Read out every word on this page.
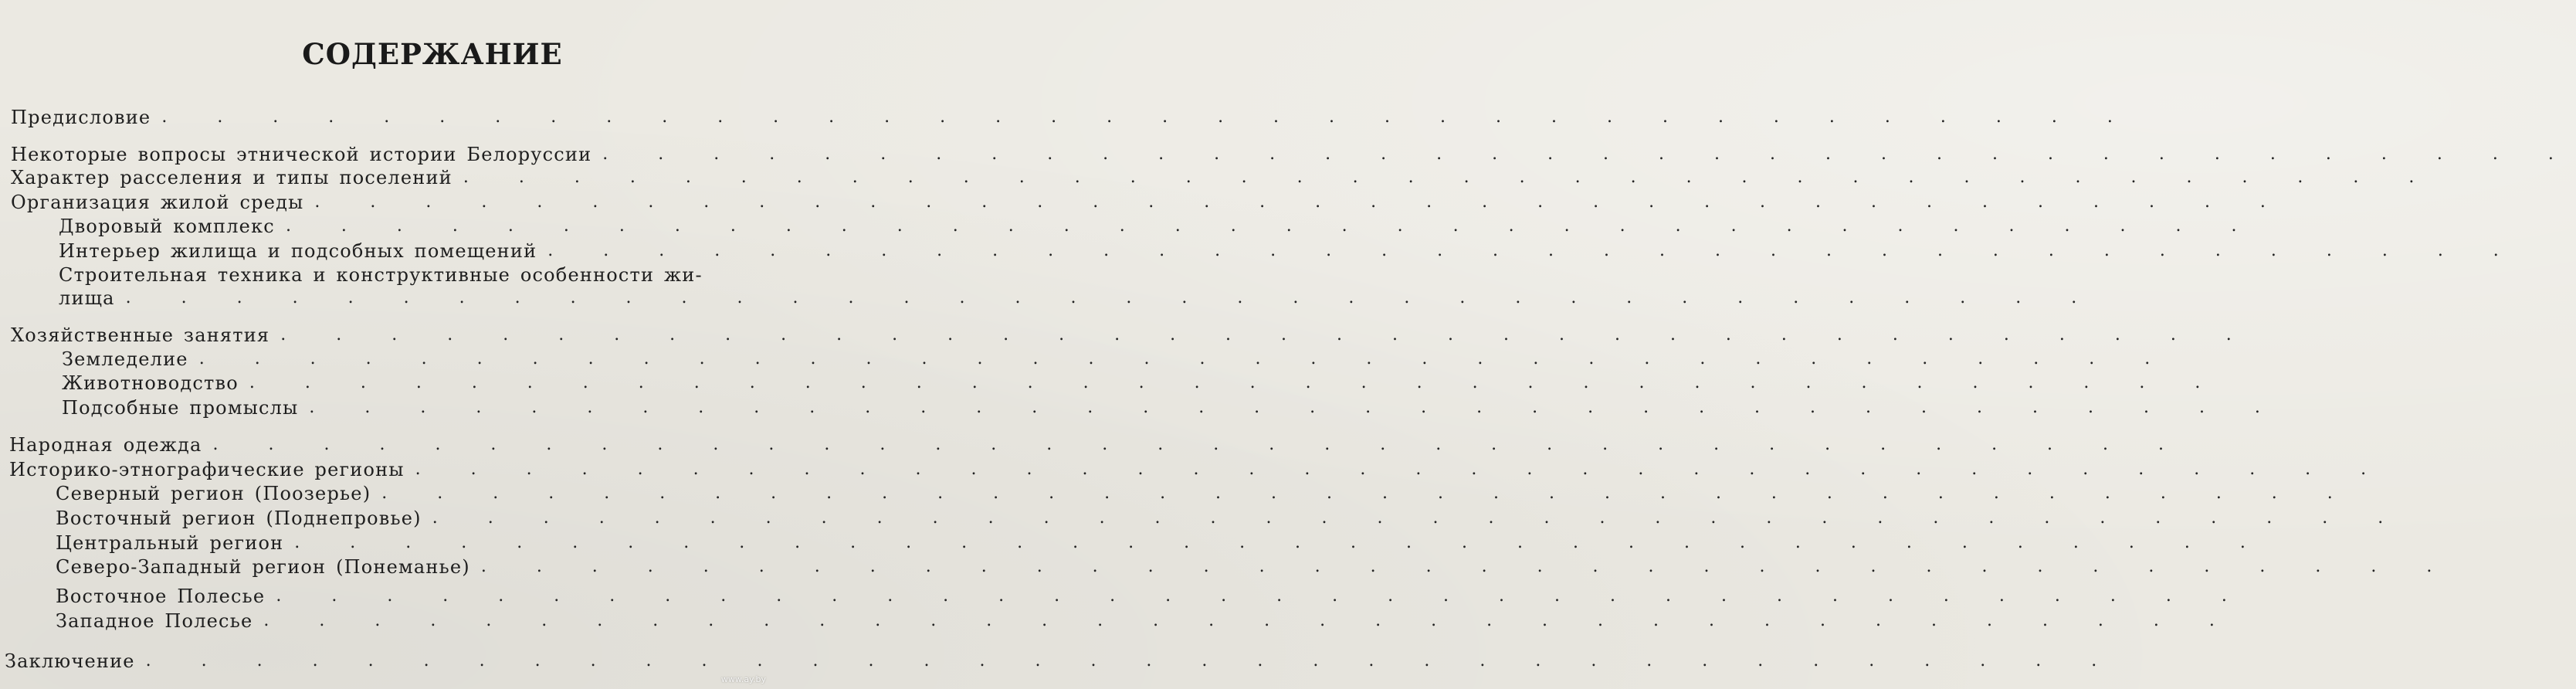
СОДЕРЖАНИЕ
Предисловие . . . . . . . . . . . . . . . . . . . . . . . . . . . . . . . . . . . .
Некоторые вопросы этнической истории Белоруссии . . . . . . . . . . . . . . . . . . . . . . . . . . . . . . . . . . . .
Характер расселения и типы поселений . . . . . . . . . . . . . . . . . . . . . . . . . . . . . . . . . . . .
Организация жилой среды . . . . . . . . . . . . . . . . . . . . . . . . . . . . . . . . . . . .
Дворовый комплекс . . . . . . . . . . . . . . . . . . . . . . . . . . . . . . . . . . . .
Интерьер жилища и подсобных помещений . . . . . . . . . . . . . . . . . . . . . . . . . . . . . . . . . . . .
Строительная техника и конструктивные особенности жи-
лища . . . . . . . . . . . . . . . . . . . . . . . . . . . . . . . . . . . .
Хозяйственные занятия . . . . . . . . . . . . . . . . . . . . . . . . . . . . . . . . . . . .
Земледелие . . . . . . . . . . . . . . . . . . . . . . . . . . . . . . . . . . . .
Животноводство . . . . . . . . . . . . . . . . . . . . . . . . . . . . . . . . . . . .
Подсобные промыслы . . . . . . . . . . . . . . . . . . . . . . . . . . . . . . . . . . . .
Народная одежда . . . . . . . . . . . . . . . . . . . . . . . . . . . . . . . . . . . .
Историко-этнографические регионы . . . . . . . . . . . . . . . . . . . . . . . . . . . . . . . . . . . .
Северный регион (Поозерье) . . . . . . . . . . . . . . . . . . . . . . . . . . . . . . . . . . . .
Восточный регион (Поднепровье) . . . . . . . . . . . . . . . . . . . . . . . . . . . . . . . . . . . .
Центральный регион . . . . . . . . . . . . . . . . . . . . . . . . . . . . . . . . . . . .
Северо-Западный регион (Понеманье) . . . . . . . . . . . . . . . . . . . . . . . . . . . . . . . . . . . .
Восточное Полесье . . . . . . . . . . . . . . . . . . . . . . . . . . . . . . . . . . . .
Западное Полесье . . . . . . . . . . . . . . . . . . . . . . . . . . . . . . . . . . . .
Заключение . . . . . . . . . . . . . . . . . . . . . . . . . . . . . . . . . . . .
www.ay.by
